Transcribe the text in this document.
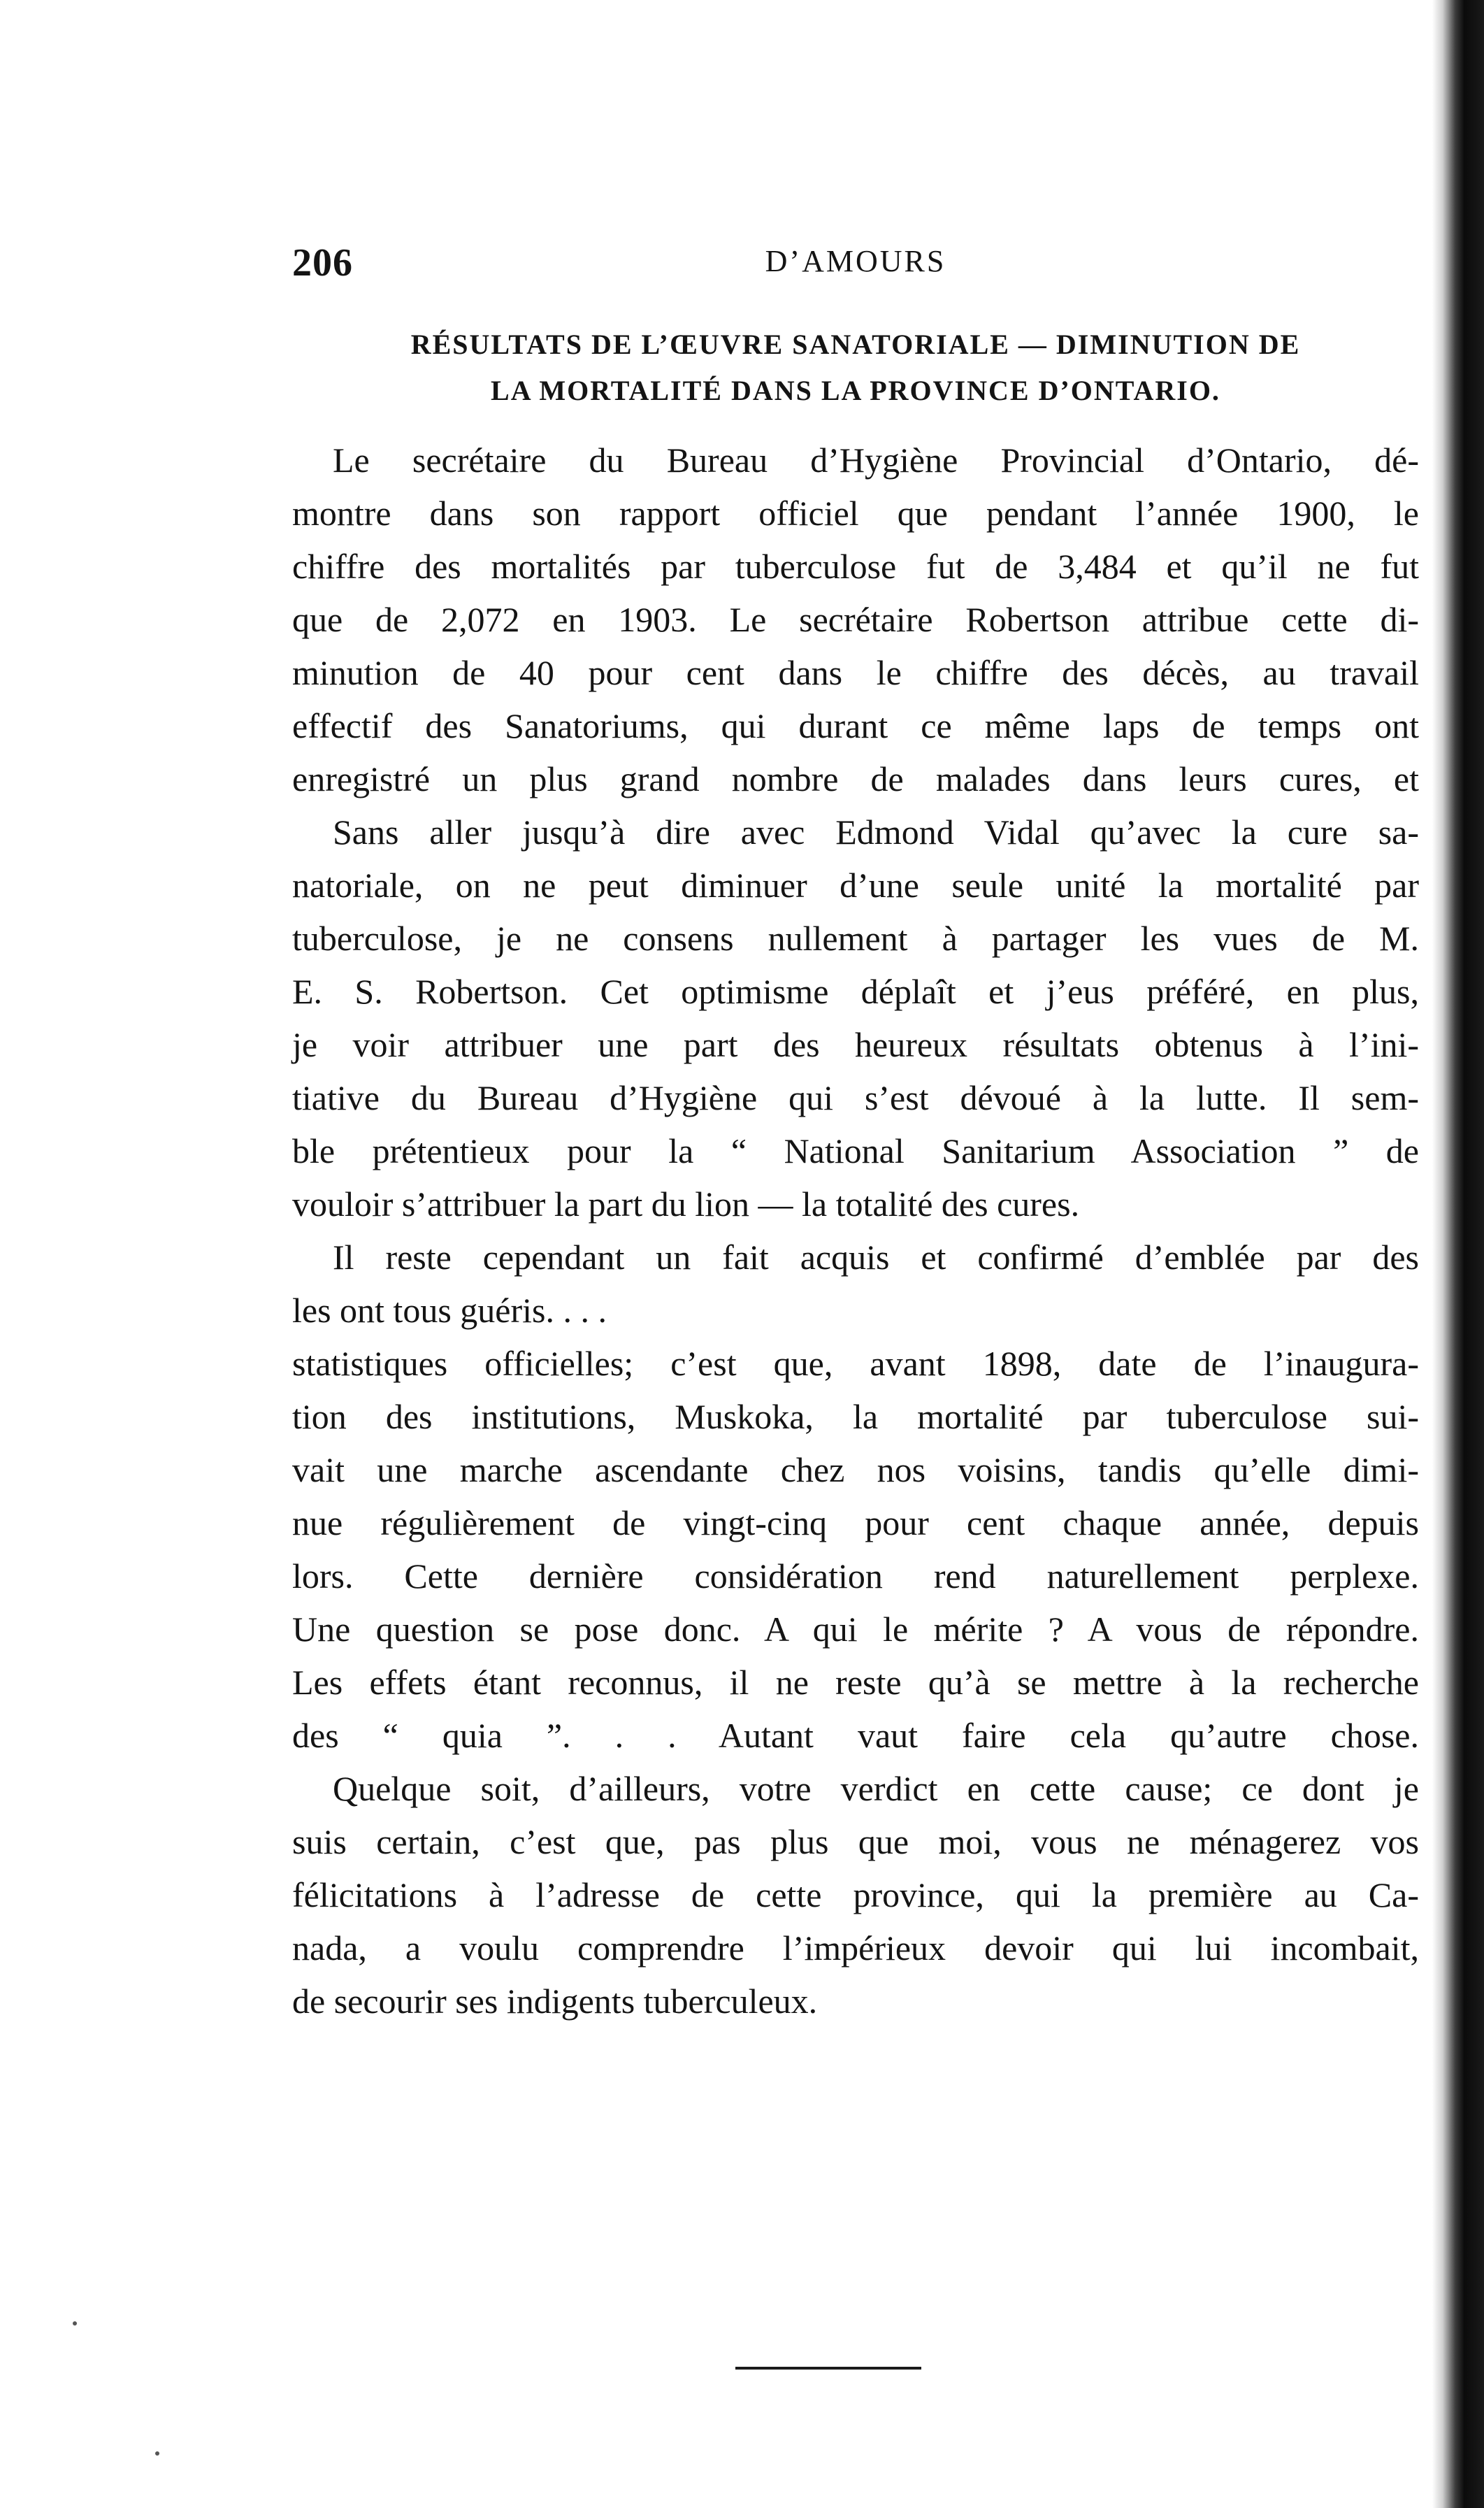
206	D’AMOURS
RÉSULTATS DE L’ŒUVRE SANATORIALE — DIMINUTION DE
LA MORTALITÉ DANS LA PROVINCE D’ONTARIO.
Le secrétaire du Bureau d’Hygiène Provincial d’Ontario, dé-
montre dans son rapport officiel que pendant l’année 1900, le
chiffre des mortalités par tuberculose fut de 3,484 et qu’il ne fut
que de 2,072 en 1903. Le secrétaire Robertson attribue cette di-
minution de 40 pour cent dans le chiffre des décès, au travail
effectif des Sanatoriums, qui durant ce même laps de temps ont
enregistré un plus grand nombre de malades dans leurs cures, et
Sans aller jusqu’à dire avec Edmond Vidal qu’avec la cure sa-
natoriale, on ne peut diminuer d’une seule unité la mortalité par
tuberculose, je ne consens nullement à partager les vues de M.
E. S. Robertson. Cet optimisme déplaît et j’eus préféré, en plus,
je voir attribuer une part des heureux résultats obtenus à l’ini-
tiative du Bureau d’Hygiène qui s’est dévoué à la lutte. Il sem-
ble prétentieux pour la “ National Sanitarium Association ” de
vouloir s’attribuer la part du lion — la totalité des cures.
Il reste cependant un fait acquis et confirmé d’emblée par des
les ont tous guéris. . . .
statistiques officielles; c’est que, avant 1898, date de l’inaugura-
tion des institutions, Muskoka, la mortalité par tuberculose sui-
vait une marche ascendante chez nos voisins, tandis qu’elle dimi-
nue régulièrement de vingt-cinq pour cent chaque année, depuis
lors. Cette dernière considération rend naturellement perplexe.
Une question se pose donc. A qui le mérite ? A vous de répondre.
Les effets étant reconnus, il ne reste qu’à se mettre à la recherche
des “ quia ”. . . Autant vaut faire cela qu’autre chose.
Quelque soit, d’ailleurs, votre verdict en cette cause; ce dont je
suis certain, c’est que, pas plus que moi, vous ne ménagerez vos
félicitations à l’adresse de cette province, qui la première au Ca-
nada, a voulu comprendre l’impérieux devoir qui lui incombait,
de secourir ses indigents tuberculeux.
